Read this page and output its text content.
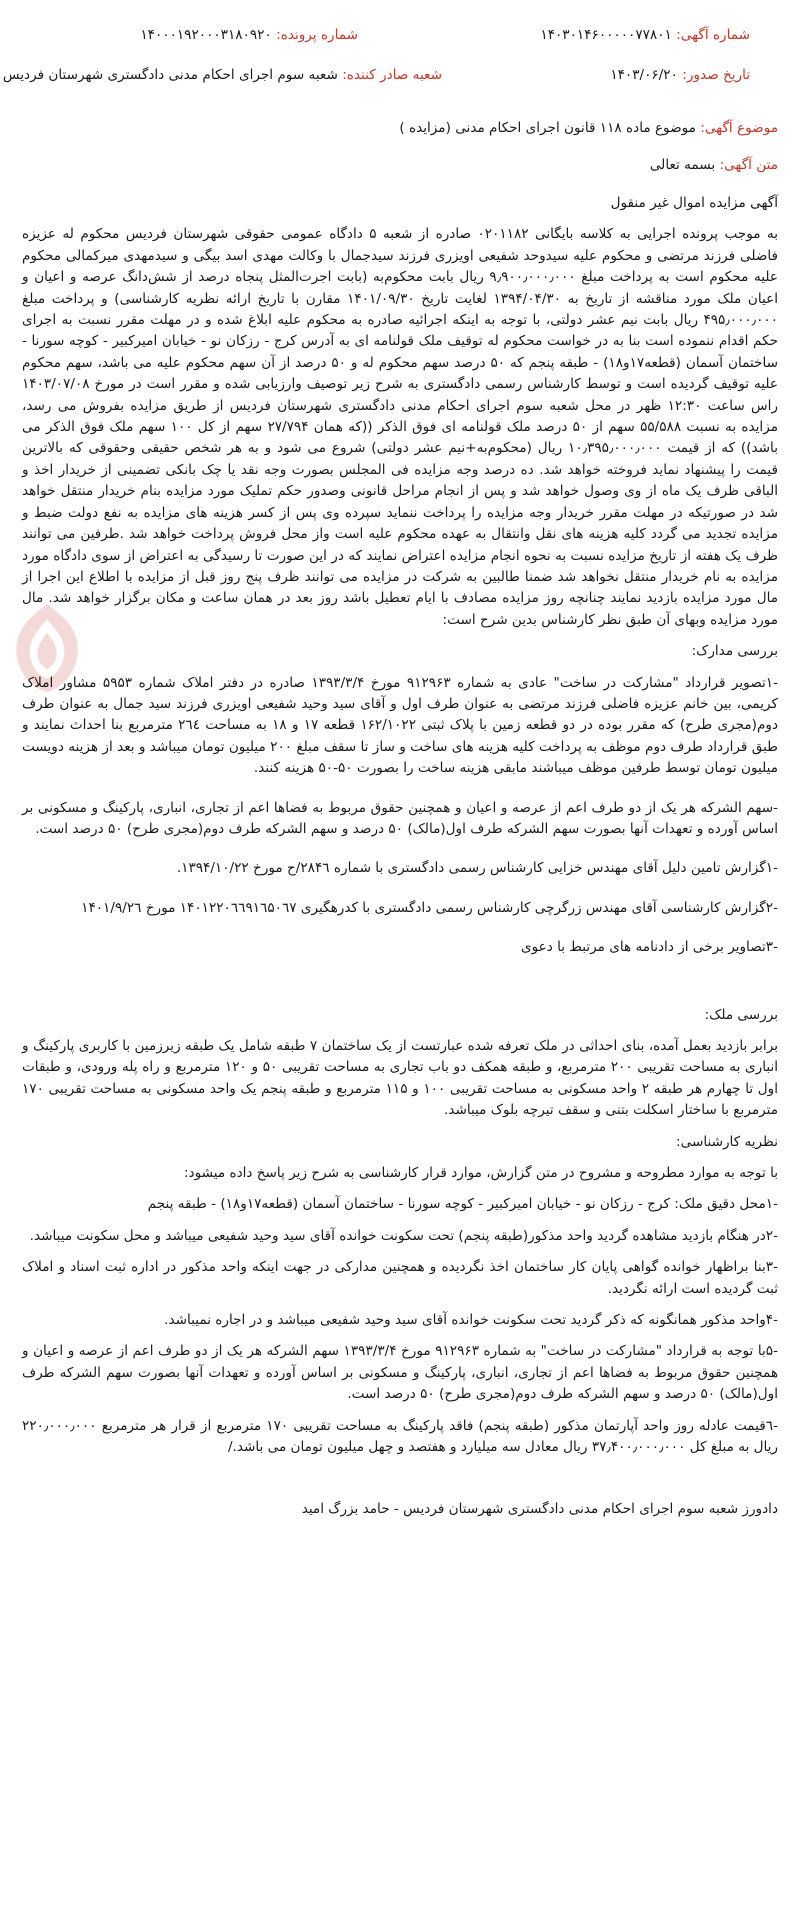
شماره آگهی: ۱۴۰۳۰۱۴۶۰۰۰۰۰۷۷۸۰۱
شماره پرونده: ۱۴۰۰۰۱۹۲۰۰۰۳۱۸۰۹۲۰
تاریخ صدور: ۱۴۰۳/۰۶/۲۰
شعبه صادر کننده: شعبه سوم اجرای احکام مدنی دادگستری شهرستان فردیس
موضوع آگهی: موضوع ماده ۱۱۸ قانون اجرای احکام مدنی (مزایده )
متن آگهی: بسمه تعالی

آگهی مزایده اموال غیر منقول

به موجب پرونده اجرایی به کلاسه بایگانی ۰۲۰۱۱۸۲ صادره از شعبه ۵ دادگاه عمومی حقوقی شهرستان فردیس محکوم له عزیزه فاضلی فرزند مرتضی و محکوم علیه سیدوحد شفیعی اویزری فرزند سیدجمال با وکالت مهدی اسد بیگی و سیدمهدی میرکمالی محکوم علیه محکوم است به پرداخت مبلغ ۹٫۹۰۰٫۰۰۰٫۰۰۰ ریال بابت محکوم‌به (بابت اجرت‌المثل پنجاه درصد از شش‌دانگ عرصه و اعیان و اعیان ملک مورد مناقشه از تاریخ به ۱۳۹۴/۰۴/۳۰ لغایت تاریخ ۱۴۰۱/۰۹/۳۰ مقارن با تاریخ ارائه نظریه کارشناسی) و پرداخت مبلغ ۴۹۵٫۰۰۰٫۰۰۰ ریال بابت نیم عشر دولتی، با توجه به اینکه اجرائیه صادره به محکوم علیه ابلاغ شده و در مهلت مقرر نسبت به اجرای حکم اقدام ننموده است بنا به در خواست محکوم له توقیف ملک قولنامه ای به آدرس کرج - رزکان نو - خیابان امیرکبیر - کوچه سورنا - ساختمان آسمان (قطعه۱۷و۱۸) - طبقه پنجم که ۵۰ درصد سهم محکوم له و ۵۰ درصد از آن سهم محکوم علیه می باشد، سهم محکوم علیه توقیف گردیده است و توسط کارشناس رسمی دادگستری به شرح زیر توصیف وارزیابی شده و مقرر است در مورخ ۱۴۰۳/۰۷/۰۸ راس ساعت ۱۲:۳۰ ظهر در محل شعبه سوم اجرای احکام مدنی دادگستری شهرستان فردیس از طریق مزایده بفروش می رسد، مزایده به نسبت ۵۵/۵۸۸ سهم از ۵۰ درصد ملک قولنامه ای فوق الذکر ((که همان ۲۷/۷۹۴ سهم از کل ۱۰۰ سهم ملک فوق الذکر می باشد)) که از قیمت ۱۰٫۳۹۵٫۰۰۰٫۰۰۰ ریال (محکوم‌به+نیم عشر دولتی) شروع می شود و به هر شخص حقیقی وحقوقی که بالاترین قیمت را پیشنهاد نماید فروخته خواهد شد. ده درصد وجه مزایده فی المجلس بصورت وجه نقد یا چک بانکی تضمینی از خریدار اخذ و الباقی ظرف یک ماه از وی وصول خواهد شد و پس از انجام مراحل قانونی وصدور حکم تملیک مورد مزایده بنام خریدار منتقل خواهد شد در صورتیکه در مهلت مقرر خریدار وجه مزایده را پرداخت ننماید سپرده وی پس از کسر هزینه های مزایده به نفع دولت ضبط و مزایده تجدید می گردد کلیه هزینه های نقل وانتقال به عهده محکوم علیه است واز محل فروش پرداخت خواهد شد .طرفین می توانند ظرف یک هفته از تاریخ مزایده نسبت به نحوه انجام مزایده اعتراض نمایند که در این صورت تا رسیدگی به اعتراض از سوی دادگاه مورد مزایده به نام خریدار منتقل نخواهد شد ضمنا طالبین به شرکت در مزایده می توانند ظرف پنج روز قبل از مزایده با اطلاع این اجرا از مال مورد مزایده بازدید نمایند چنانچه روز مزایده مصادف با ایام تعطیل باشد روز بعد در همان ساعت و مکان برگزار خواهد شد. مال مورد مزایده وبهای آن طبق نظر کارشناس بدین شرح است:

بررسی مدارک:

-۱تصویر قرارداد "مشارکت در ساخت" عادی به شماره ۹۱۲۹۶۳ مورخ ۱۳۹۳/۳/۴ صادره در دفتر املاک شماره ۵۹۵۳ مشاور املاک کریمی، بین خانم عزیزه فاضلی فرزند مرتضی به عنوان طرف اول و آقای سید وحید شفیعی اویزری فرزند سید جمال به عنوان طرف دوم(مجری طرح) که مقرر بوده در دو قطعه زمین با پلاک ثبتی ۱۶۲/۱۰۲۲ قطعه ۱۷ و ۱۸ به مساحت ۲٦٤ مترمربع بنا احداث نمایند و طبق قرارداد طرف دوم موظف به پرداخت کلیه هزینه های ساخت و ساز تا سقف مبلغ ۲۰۰ میلیون تومان میباشد و بعد از هزینه دویست میلیون تومان توسط طرفین موظف میباشند مابقی هزینه ساخت را بصورت ۵۰-۵۰ هزینه کنند.

-سهم الشرکه هر یک از دو طرف اعم از عرصه و اعیان و همچنین حقوق مربوط به فضاها اعم از تجاری، انباری، پارکینگ و مسکونی بر اساس آورده و تعهدات آنها بصورت سهم الشرکه طرف اول(مالک) ۵۰ درصد و سهم الشرکه طرف دوم(مجری طرح) ۵۰ درصد است.

-۱گزارش تامین دلیل آقای مهندس خزایی کارشناس رسمی دادگستری با شماره ۲۸۴٦/ح مورخ ۱۳۹۴/۱۰/۲۲.

-۲گزارش کارشناسی آقای مهندس زرگرچی کارشناس رسمی دادگستری با کدرهگیری ۱۴۰۱۲۲۰٦٦۹۱٦۵۰٦۷ مورخ ۱۴۰۱/۹/۲٦

-۳تصاویر برخی از دادنامه های مرتبط با دعوی

بررسی ملک:

برابر بازدید بعمل آمده، بنای احداثی در ملک تعرفه شده عبارتست از یک ساختمان ۷ طبقه شامل یک طبقه زیرزمین با کاربری پارکینگ و انباری به مساحت تقریبی ۲۰۰ مترمربع، و طبقه همکف دو باب تجاری به مساحت تقریبی ۵۰ و ۱۲۰ مترمربع و راه پله ورودی، و طبقات اول تا چهارم هر طبقه ۲ واحد مسکونی به مساحت تقریبی ۱۰۰ و ۱۱۵ مترمربع و طبقه پنجم یک واحد مسکونی به مساحت تقریبی ۱۷۰ مترمربع با ساختار اسکلت بتنی و سقف تیرچه بلوک میباشد.

نظریه کارشناسی:

با توجه به موارد مطروحه و مشروح در متن گزارش، موارد قرار کارشناسی به شرح زیر پاسخ داده میشود:

-۱محل دقیق ملک: کرج - رزکان نو - خیابان امیرکبیر - کوچه سورنا - ساختمان آسمان (قطعه۱۷و۱۸) - طبقه پنجم

-۲در هنگام بازدید مشاهده گردید واحد مذکور(طبقه پنجم) تحت سکونت خوانده آقای سید وحید شفیعی میباشد و محل سکونت میباشد.

-۳بنا براظهار خوانده گواهی پایان کار ساختمان اخذ نگردیده و همچنین مدارکی در جهت اینکه واحد مذکور در اداره ثبت اسناد و املاک ثبت گردیده است ارائه نگردید.

-۴واحد مذکور همانگونه که ذکر گردید تحت سکونت خوانده آقای سید وحید شفیعی میباشد و در اجاره نمیباشد.

-۵با توجه به قرارداد "مشارکت در ساخت" به شماره ۹۱۲۹۶۳ مورخ ۱۳۹۳/۳/۴ سهم الشرکه هر یک از دو طرف اعم از عرصه و اعیان و همچنین حقوق مربوط به فضاها اعم از تجاری، انباری، پارکینگ و مسکونی بر اساس آورده و تعهدات آنها بصورت سهم الشرکه طرف اول(مالک) ۵۰ درصد و سهم الشرکه طرف دوم(مجری طرح) ۵۰ درصد است.

-٦قیمت عادله روز واحد آپارتمان مذکور (طبقه پنجم) فاقد پارکینگ به مساحت تقریبی ۱۷۰ مترمربع از قرار هر مترمربع ۲۲۰٫۰۰۰٫۰۰۰ ریال به مبلغ کل ۳۷٫۴۰۰٫۰۰۰٫۰۰۰ ریال معادل سه میلیارد و هفتصد و چهل میلیون تومان می باشد./

دادورز شعبه سوم اجرای احکام مدنی دادگستری شهرستان فردیس - حامد بزرگ امید
